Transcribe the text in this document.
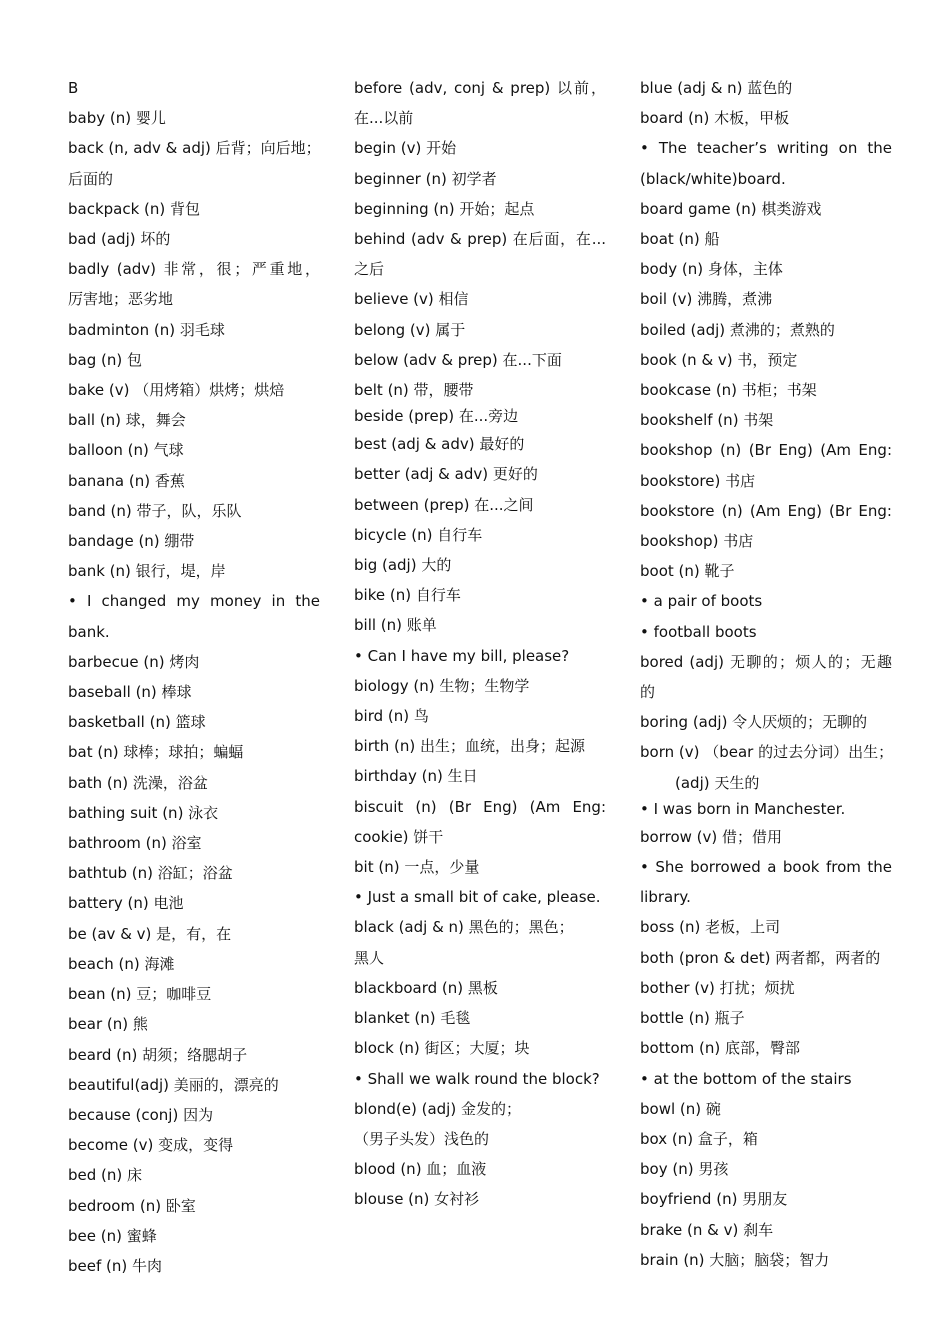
B
baby (n) 婴儿
back (n, adv & adj) 后背；向后地；
后面的
backpack (n) 背包
bad (adj) 坏的
badly (adv) 非常，很；严重地，
厉害地；恶劣地
badminton (n) 羽毛球
bag (n) 包
bake (v) （用烤箱）烘烤；烘焙
ball (n) 球，舞会
balloon (n) 气球
banana (n) 香蕉
band (n) 带子，队，乐队
bandage (n) 绷带
bank (n) 银行，堤，岸
• I changed my money in the
bank.
barbecue (n) 烤肉
baseball (n) 棒球
basketball (n) 篮球
bat (n) 球棒；球拍；蝙蝠
bath (n) 洗澡，浴盆
bathing suit (n) 泳衣
bathroom (n) 浴室
bathtub (n) 浴缸；浴盆
battery (n) 电池
be (av & v) 是，有，在
beach (n) 海滩
bean (n) 豆；咖啡豆
bear (n) 熊
beard (n) 胡须；络腮胡子
beautiful(adj) 美丽的，漂亮的
because (conj) 因为
become (v) 变成，变得
bed (n) 床
bedroom (n) 卧室
bee (n) 蜜蜂
beef (n) 牛肉
before (adv, conj & prep) 以前，
在...以前
begin (v) 开始
beginner (n) 初学者
beginning (n) 开始；起点
behind (adv & prep) 在后面，在...
之后
believe (v) 相信
belong (v) 属于
below (adv & prep) 在...下面
belt (n) 带，腰带
beside (prep) 在...旁边
best (adj & adv) 最好的
better (adj & adv) 更好的
between (prep) 在...之间
bicycle (n) 自行车
big (adj) 大的
bike (n) 自行车
bill (n) 账单
• Can I have my bill, please?
biology (n) 生物；生物学
bird (n) 鸟
birth (n) 出生；血统，出身；起源
birthday (n) 生日
biscuit (n) (Br Eng) (Am Eng:
cookie) 饼干
bit (n) 一点，少量
• Just a small bit of cake, please.
black (adj & n) 黑色的；黑色；
黑人
blackboard (n) 黑板
blanket (n) 毛毯
block (n) 街区；大厦；块
• Shall we walk round the block?
blond(e) (adj) 金发的；
（男子头发）浅色的
blood (n) 血；血液
blouse (n) 女衬衫
blue (adj & n) 蓝色的
board (n) 木板，甲板
• The teacher’s writing on the
(black/white)board.
board game (n) 棋类游戏
boat (n) 船
body (n) 身体，主体
boil (v) 沸腾，煮沸
boiled (adj) 煮沸的；煮熟的
book (n & v) 书，预定
bookcase (n) 书柜；书架
bookshelf (n) 书架
bookshop (n) (Br Eng) (Am Eng:
bookstore) 书店
bookstore (n) (Am Eng) (Br Eng:
bookshop) 书店
boot (n) 靴子
• a pair of boots
• football boots
bored (adj) 无聊的；烦人的；无趣
的
boring (adj) 令人厌烦的；无聊的
born (v) （bear 的过去分词）出生；
(adj) 天生的
• I was born in Manchester.
borrow (v) 借；借用
• She borrowed a book from the
library.
boss (n) 老板，上司
both (pron & det) 两者都，两者的
bother (v) 打扰；烦扰
bottle (n) 瓶子
bottom (n) 底部，臀部
• at the bottom of the stairs
bowl (n) 碗
box (n) 盒子，箱
boy (n) 男孩
boyfriend (n) 男朋友
brake (n & v) 刹车
brain (n) 大脑；脑袋；智力
